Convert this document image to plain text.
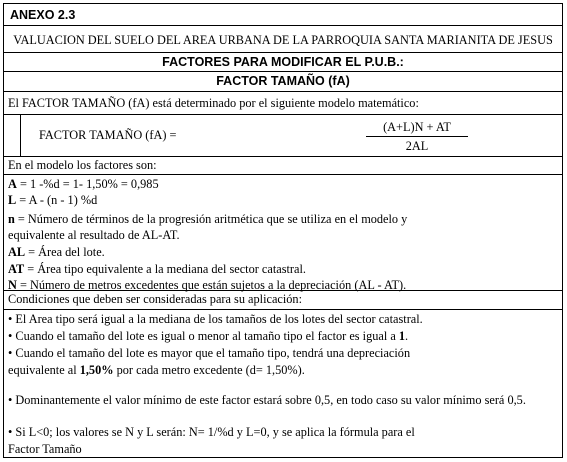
ANEXO 2.3
VALUACION DEL SUELO DEL AREA URBANA DE LA PARROQUIA SANTA MARIANITA DE JESUS
FACTORES PARA MODIFICAR EL P.U.B.:
FACTOR TAMAÑO (fA)
El FACTOR TAMAÑO (fA) está determinado por el siguiente modelo matemático:
FACTOR TAMAÑO (fA) =
(A+L)N + AT
2AL
En el modelo los factores son:
A = 1 -%d = 1- 1,50% = 0,985
L = A - (n - 1) %d
n = Número de términos de la progresión aritmética que se utiliza en el modelo y
equivalente al resultado de AL-AT.
AL = Área del lote.
AT = Área tipo equivalente a la mediana del sector catastral.
N = Número de metros excedentes que están sujetos a la depreciación (AL - AT).
Condiciones que deben ser consideradas para su aplicación:
• El Area tipo será igual a la mediana de los tamaños de los lotes del sector catastral.
• Cuando el tamaño del lote es igual o menor al tamaño tipo el factor es igual a 1.
• Cuando el tamaño del lote es mayor que el tamaño tipo, tendrá una depreciación
equivalente al 1,50% por cada metro excedente (d= 1,50%).
• Dominantemente el valor mínimo de este factor estará sobre 0,5, en todo caso su valor mínimo será 0,5.
• Si L<0; los valores se N y L serán: N= 1/%d y L=0, y se aplica la fórmula para el
Factor Tamaño
